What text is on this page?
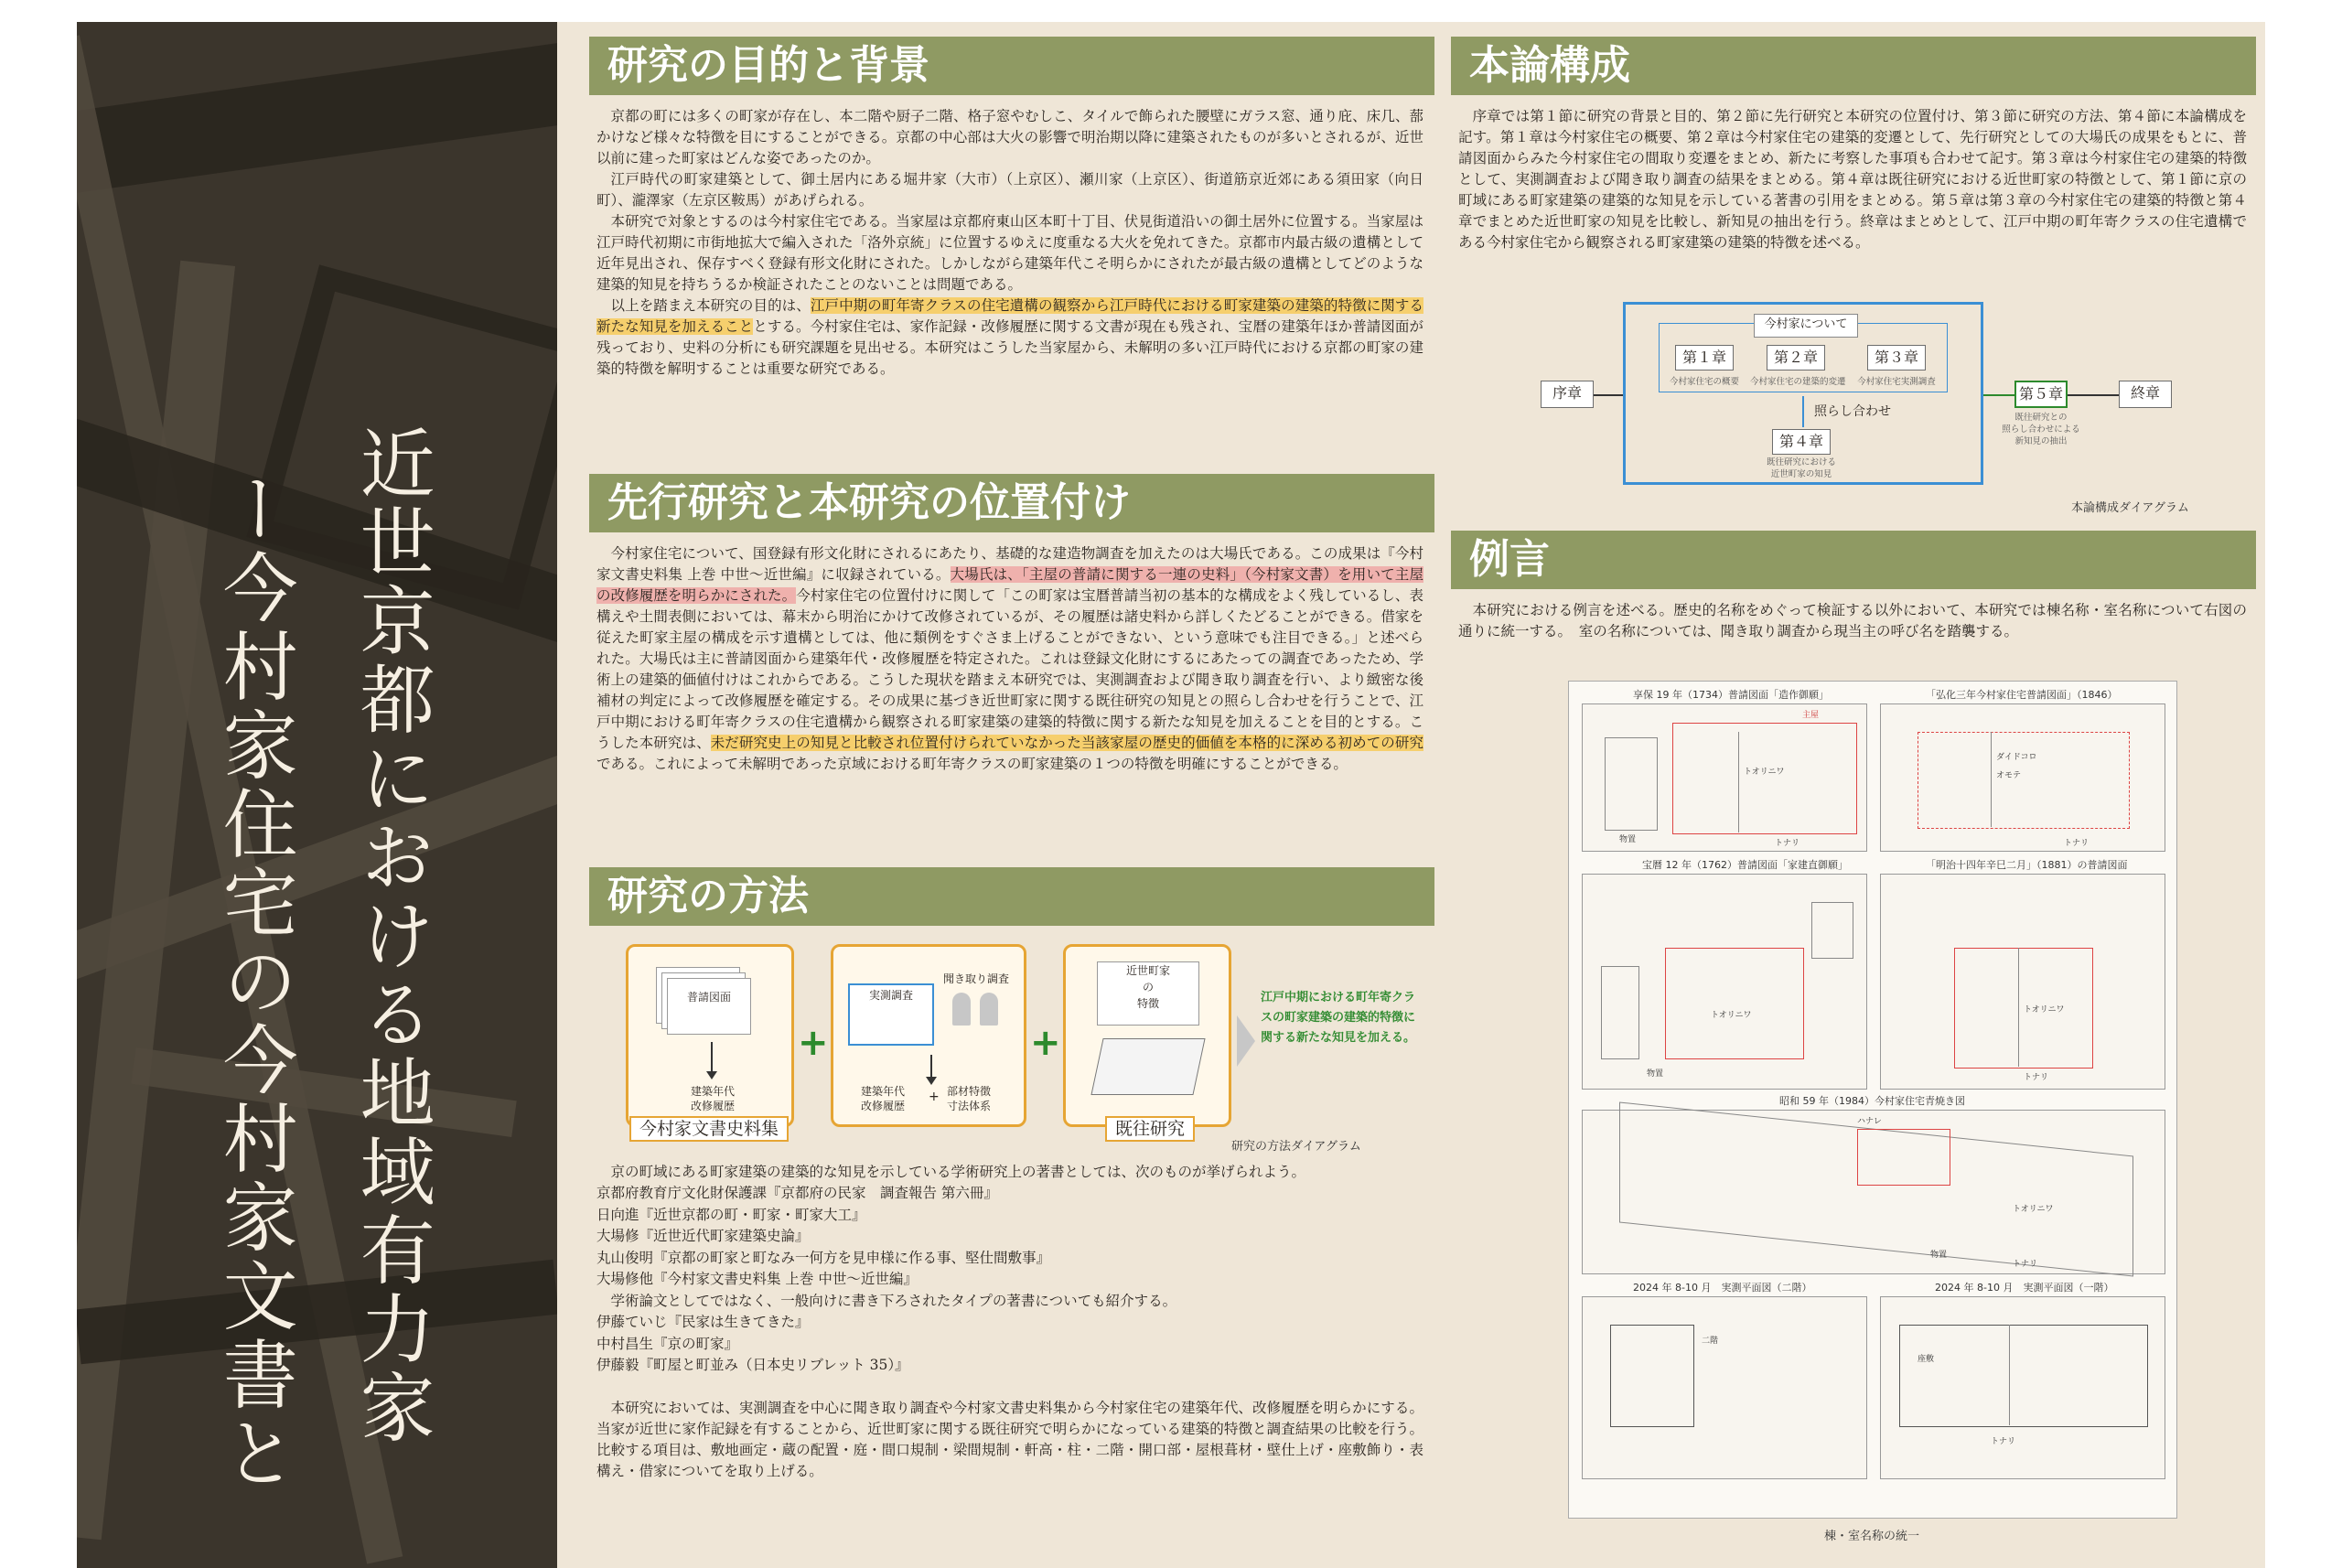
近世京都における地域有力家
ー今村家住宅の今村家文書と
研究の目的と背景

京都の町には多くの町家が存在し、本二階や厨子二階、格子窓やむしこ、タイルで飾られた腰壁にガラス窓、通り庇、床几、蔀かけなど様々な特徴を目にすることができる。京都の中心部は大火の影響で明治期以降に建築されたものが多いとされるが、近世以前に建った町家はどんな姿であったのか。

江戸時代の町家建築として、御土居内にある堀井家（大市）（上京区）、瀬川家（上京区）、街道筋京近郊にある須田家（向日町）、瀧澤家（左京区鞍馬）があげられる。

本研究で対象とするのは今村家住宅である。当家屋は京都府東山区本町十丁目、伏見街道沿いの御土居外に位置する。当家屋は江戸時代初期に市街地拡大で編入された「洛外京統」に位置するゆえに度重なる大火を免れてきた。京都市内最古級の遺構として近年見出され、保存すべく登録有形文化財にされた。しかしながら建築年代こそ明らかにされたが最古級の遺構としてどのような建築的知見を持ちうるか検証されたことのないことは問題である。

以上を踏まえ本研究の目的は、江戸中期の町年寄クラスの住宅遺構の観察から江戸時代における町家建築の建築的特徴に関する新たな知見を加えることとする。今村家住宅は、家作記録・改修履歴に関する文書が現在も残され、宝暦の建築年ほか普請図面が残っており、史料の分析にも研究課題を見出せる。本研究はこうした当家屋から、未解明の多い江戸時代における京都の町家の建築的特徴を解明することは重要な研究である。

先行研究と本研究の位置付け

今村家住宅について、国登録有形文化財にされるにあたり、基礎的な建造物調査を加えたのは大場氏である。この成果は『今村家文書史料集 上巻 中世～近世編』に収録されている。大場氏は、「主屋の普請に関する一連の史料」（今村家文書）を用いて主屋の改修履歴を明らかにされた。今村家住宅の位置付けに関して「この町家は宝暦普請当初の基本的な構成をよく残しているし、表構えや土間表側においては、幕末から明治にかけて改修されているが、その履歴は諸史料から詳しくたどることができる。借家を従えた町家主屋の構成を示す遺構としては、他に類例をすぐさま上げることができない、という意味でも注目できる。」と述べられた。大場氏は主に普請図面から建築年代・改修履歴を特定された。これは登録文化財にするにあたっての調査であったため、学術上の建築的価値付けはこれからである。こうした現状を踏まえ本研究では、実測調査および聞き取り調査を行い、より緻密な後補材の判定によって改修履歴を確定する。その成果に基づき近世町家に関する既往研究の知見との照らし合わせを行うことで、江戸中期における町年寄クラスの住宅遺構から観察される町家建築の建築的特徴に関する新たな知見を加えることを目的とする。こうした本研究は、未だ研究史上の知見と比較され位置付けられていなかった当該家屋の歴史的価値を本格的に深める初めての研究である。これによって未解明であった京域における町年寄クラスの町家建築の１つの特徴を明確にすることができる。

研究の方法
普請図面
建築年代
改修履歴
今村家文書史料集
+
実測調査
聞き取り調査
建築年代
改修履歴
+ 部材特徴
寸法体系
+
近世町家
の
特徴
既往研究
江戸中期における町年寄クラスの町家建築の建築的特徴に関する新たな知見を加える。
研究の方法ダイアグラム

京の町域にある町家建築の建築的な知見を示している学術研究上の著書としては、次のものが挙げられよう。

京都府教育庁文化財保護課『京都府の民家　調査報告 第六冊』
日向進『近世京都の町・町家・町家大工』
大場修『近世近代町家建築史論』
丸山俊明『京都の町家と町なみ一何方を見申様に作る事、堅仕間敷事』
大場修他『今村家文書史料集 上巻 中世～近世編』
学術論文としてではなく、一般向けに書き下ろされたタイプの著書についても紹介する。
伊藤ていじ『民家は生きてきた』
中村昌生『京の町家』
伊藤毅『町屋と町並み（日本史リブレット 35）』

本研究においては、実測調査を中心に聞き取り調査や今村家文書史料集から今村家住宅の建築年代、改修履歴を明らかにする。当家が近世に家作記録を有することから、近世町家に関する既往研究で明らかになっている建築的特徴と調査結果の比較を行う。比較する項目は、敷地画定・蔵の配置・庭・間口規制・梁間規制・軒高・柱・二階・開口部・屋根葺材・壁仕上げ・座敷飾り・表構え・借家についてを取り上げる。

本論構成

序章では第１節に研究の背景と目的、第２節に先行研究と本研究の位置付け、第３節に研究の方法、第４節に本論構成を記す。第１章は今村家住宅の概要、第２章は今村家住宅の建築的変遷として、先行研究としての大場氏の成果をもとに、普請図面からみた今村家住宅の間取り変遷をまとめ、新たに考察した事項も合わせて記す。第３章は今村家住宅の建築的特徴として、実測調査および聞き取り調査の結果をまとめる。第４章は既往研究における近世町家の特徴として、第１節に京の町域にある町家建築の建築的な知見を示している著書の引用をまとめる。第５章は第３章の今村家住宅の建築的特徴と第４章でまとめた近世町家の知見を比較し、新知見の抽出を行う。終章はまとめとして、江戸中期の町年寄クラスの住宅遺構である今村家住宅から観察される町家建築の建築的特徴を述べる。

序章
今村家について
第１章
今村家住宅の概要
第２章
今村家住宅の建築的変遷
第３章
今村家住宅実測調査
照らし合わせ
第４章
既往研究における
近世町家の知見
第５章
既往研究との
照らし合わせによる
新知見の抽出
終章
本論構成ダイアグラム
例言

本研究における例言を述べる。歴史的名称をめぐって検証する以外において、本研究では棟名称・室名称について右図の通りに統一する。　室の名称については、聞き取り調査から現当主の呼び名を踏襲する。

享保 19 年（1734）普請図面「造作御願」	「弘化三年今村家住宅普請図面」（1846）
トオリニワ
主屋
物置	トナリ
ダイドコロ
オモテ
トナリ
宝暦 12 年（1762）普請図面「家建直御願」	「明治十四年辛巳二月」（1881）の普請図面
トオリニワ
物置
トオリニワ
トナリ
昭和 59 年（1984）今村家住宅青焼き図
ハナレ
トオリニワ
物置
トナリ
2024 年 8-10 月　実測平面図（二階）	2024 年 8-10 月　実測平面図（一階）
二階
座敷
トナリ
棟・室名称の統一
